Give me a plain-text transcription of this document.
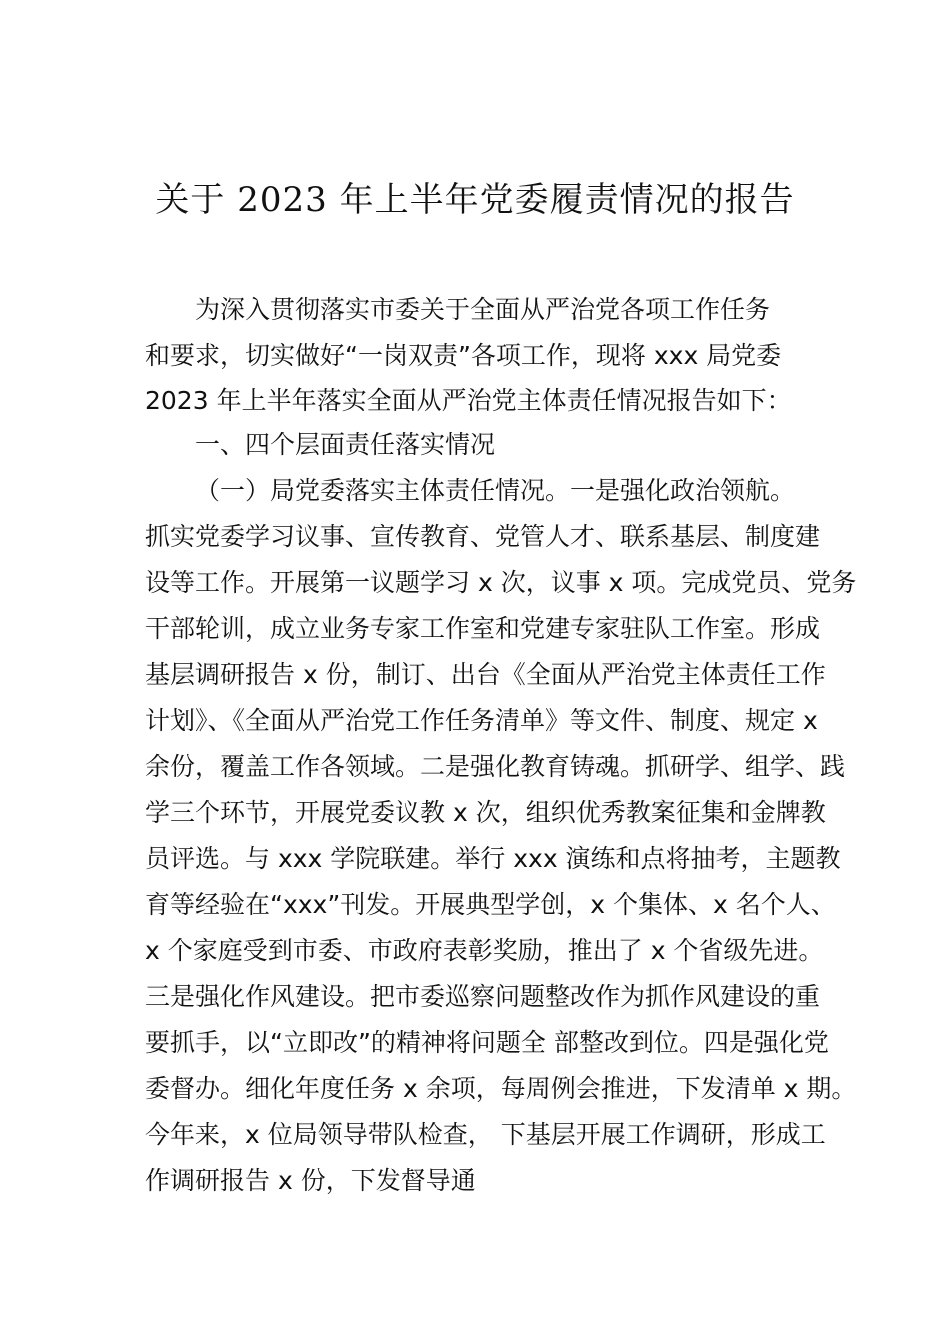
关于 2023 年上半年党委履责情况的报告

为深入贯彻落实市委关于全面从严治党各项工作任务

和要求，切实做好“一岗双责”各项工作，现将 xxx 局党委

2023 年上半年落实全面从严治党主体责任情况报告如下：

一、四个层面责任落实情况

（一）局党委落实主体责任情况。一是强化政治领航。

抓实党委学习议事、宣传教育、党管人才、联系基层、制度建

设等工作。开展第一议题学习 x 次，议事 x 项。完成党员、党务

干部轮训，成立业务专家工作室和党建专家驻队工作室。形成

基层调研报告 x 份，制订、出台《全面从严治党主体责任工作

计划》、《全面从严治党工作任务清单》等文件、制度、规定 x

余份，覆盖工作各领域。二是强化教育铸魂。抓研学、组学、践

学三个环节，开展党委议教 x 次，组织优秀教案征集和金牌教

员评选。与 xxx 学院联建。举行 xxx 演练和点将抽考，主题教

育等经验在“xxx”刊发。开展典型学创，x 个集体、x 名个人、

x 个家庭受到市委、市政府表彰奖励，推出了 x 个省级先进。

三是强化作风建设。把市委巡察问题整改作为抓作风建设的重

要抓手，以“立即改”的精神将问题全 部整改到位。四是强化党

委督办。细化年度任务 x 余项，每周例会推进，下发清单 x 期。

今年来，x 位局领导带队检查， 下基层开展工作调研，形成工

作调研报告 x 份，下发督导通
